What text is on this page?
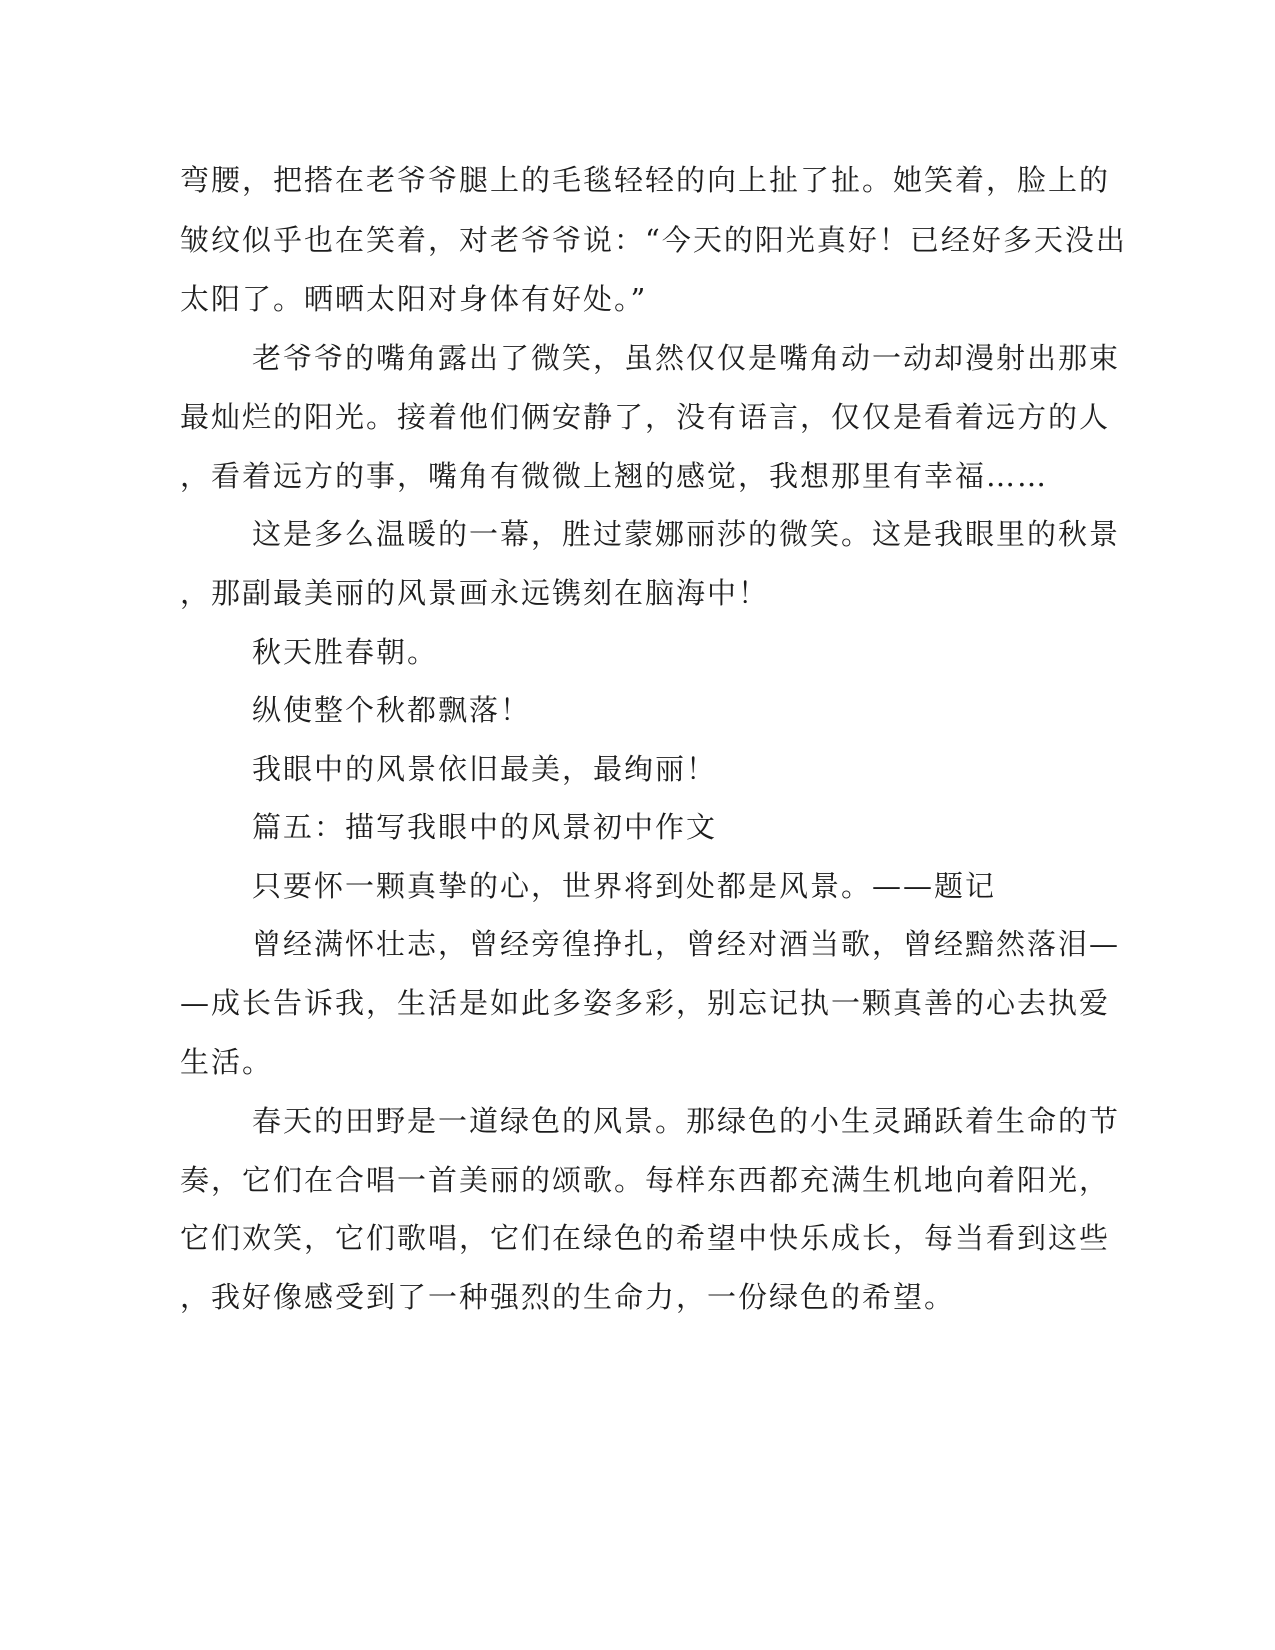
弯腰，把搭在老爷爷腿上的毛毯轻轻的向上扯了扯。她笑着，脸上的
皱纹似乎也在笑着，对老爷爷说：“今天的阳光真好！已经好多天没出
太阳了。晒晒太阳对身体有好处。”
老爷爷的嘴角露出了微笑，虽然仅仅是嘴角动一动却漫射出那束
最灿烂的阳光。接着他们俩安静了，没有语言，仅仅是看着远方的人
，看着远方的事，嘴角有微微上翘的感觉，我想那里有幸福……
这是多么温暖的一幕，胜过蒙娜丽莎的微笑。这是我眼里的秋景
，那副最美丽的风景画永远镌刻在脑海中！
秋天胜春朝。
纵使整个秋都飘落！
我眼中的风景依旧最美，最绚丽！
篇五：描写我眼中的风景初中作文
只要怀一颗真挚的心，世界将到处都是风景。——题记
曾经满怀壮志，曾经旁徨挣扎，曾经对酒当歌，曾经黯然落泪—
—成长告诉我，生活是如此多姿多彩，别忘记执一颗真善的心去执爱
生活。
春天的田野是一道绿色的风景。那绿色的小生灵踊跃着生命的节
奏，它们在合唱一首美丽的颂歌。每样东西都充满生机地向着阳光，
它们欢笑，它们歌唱，它们在绿色的希望中快乐成长，每当看到这些
，我好像感受到了一种强烈的生命力，一份绿色的希望。
